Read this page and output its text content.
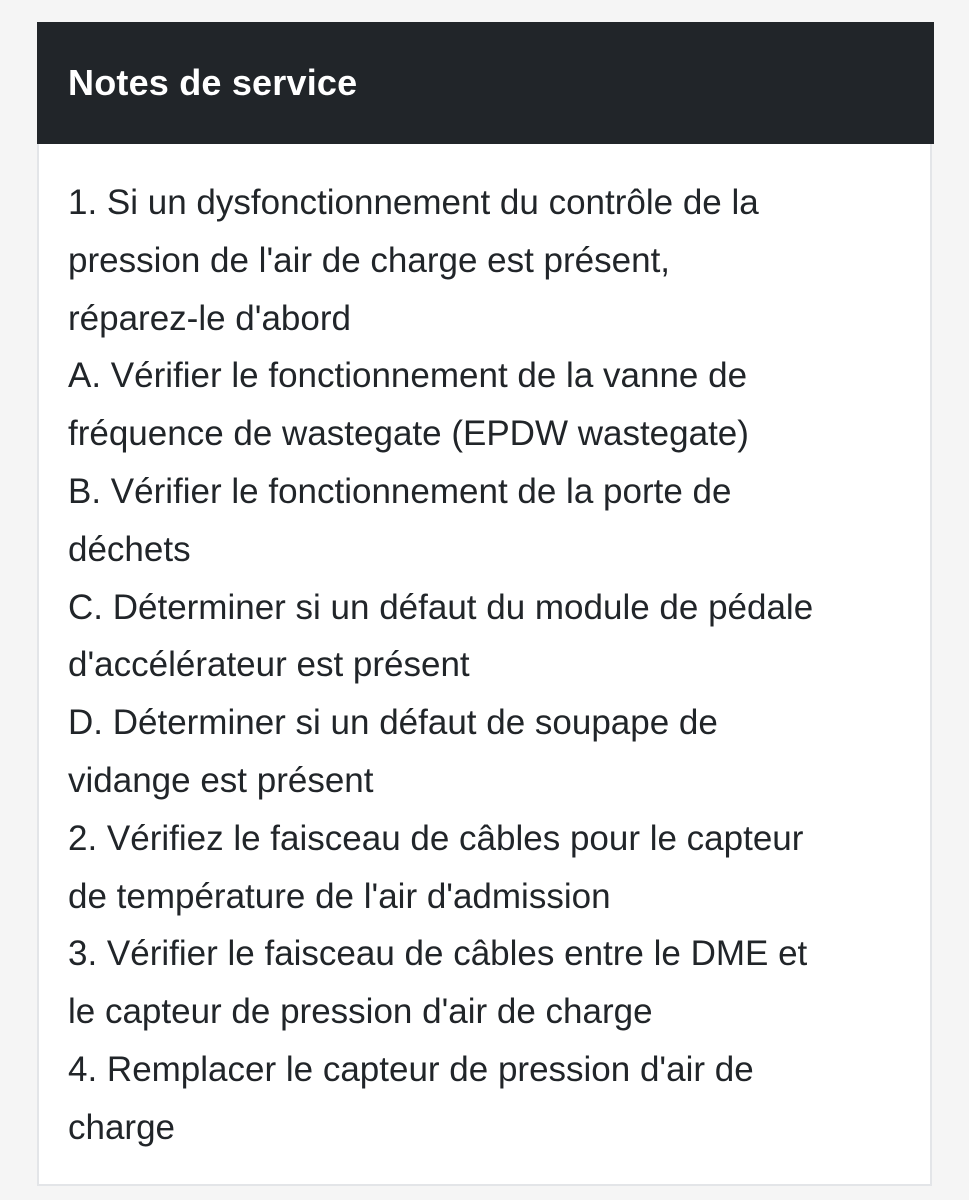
Notes de service
1. Si un dysfonctionnement du contrôle de la
pression de l'air de charge est présent,
réparez-le d'abord
A. Vérifier le fonctionnement de la vanne de
fréquence de wastegate (EPDW wastegate)
B. Vérifier le fonctionnement de la porte de
déchets
C. Déterminer si un défaut du module de pédale
d'accélérateur est présent
D. Déterminer si un défaut de soupape de
vidange est présent
2. Vérifiez le faisceau de câbles pour le capteur
de température de l'air d'admission
3. Vérifier le faisceau de câbles entre le DME et
le capteur de pression d'air de charge
4. Remplacer le capteur de pression d'air de
charge
